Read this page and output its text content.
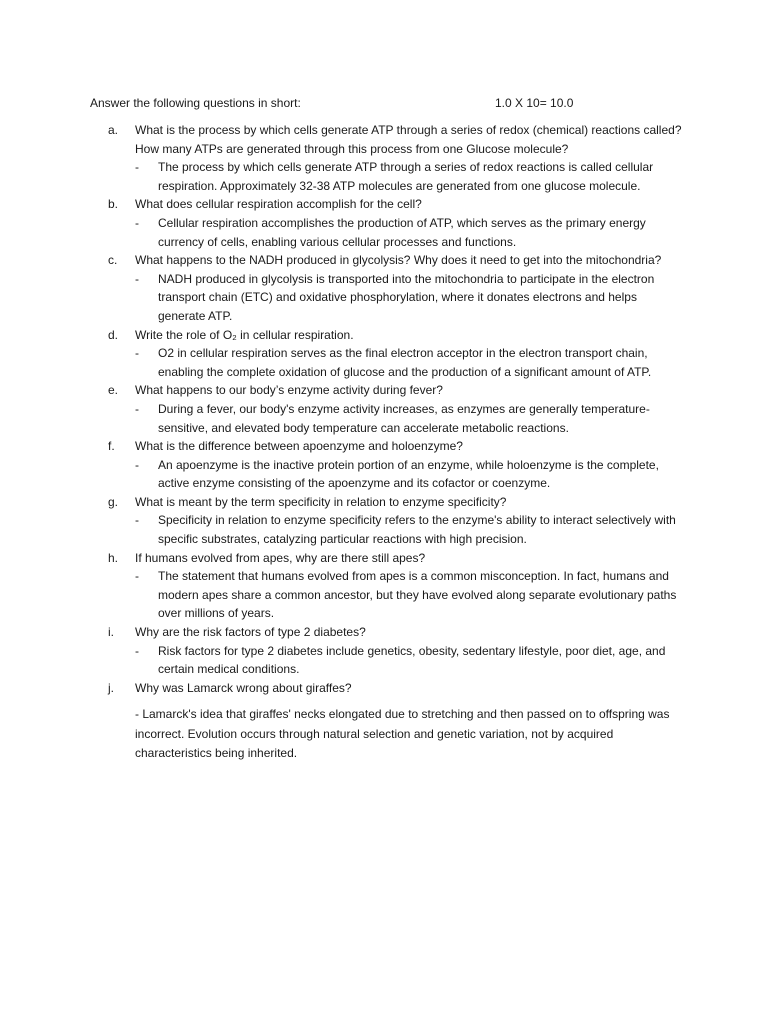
Answer the following questions in short:	1.0 X 10= 10.0
a.	What is the process by which cells generate ATP through a series of redox (chemical) reactions called? How many ATPs are generated through this process from one Glucose molecule?
- The process by which cells generate ATP through a series of redox reactions is called cellular respiration. Approximately 32-38 ATP molecules are generated from one glucose molecule.
b.	What does cellular respiration accomplish for the cell?
- Cellular respiration accomplishes the production of ATP, which serves as the primary energy currency of cells, enabling various cellular processes and functions.
c.	What happens to the NADH produced in glycolysis? Why does it need to get into the mitochondria?
- NADH produced in glycolysis is transported into the mitochondria to participate in the electron transport chain (ETC) and oxidative phosphorylation, where it donates electrons and helps generate ATP.
d.	Write the role of O₂ in cellular respiration.
- O2 in cellular respiration serves as the final electron acceptor in the electron transport chain, enabling the complete oxidation of glucose and the production of a significant amount of ATP.
e.	What happens to our body’s enzyme activity during fever?
- During a fever, our body's enzyme activity increases, as enzymes are generally temperature-sensitive, and elevated body temperature can accelerate metabolic reactions.
f.	What is the difference between apoenzyme and holoenzyme?
- An apoenzyme is the inactive protein portion of an enzyme, while holoenzyme is the complete, active enzyme consisting of the apoenzyme and its cofactor or coenzyme.
g.	What is meant by the term specificity in relation to enzyme specificity?
- Specificity in relation to enzyme specificity refers to the enzyme's ability to interact selectively with specific substrates, catalyzing particular reactions with high precision.
h.	If humans evolved from apes, why are there still apes?
- The statement that humans evolved from apes is a common misconception. In fact, humans and modern apes share a common ancestor, but they have evolved along separate evolutionary paths over millions of years.
i.	Why are the risk factors of type 2 diabetes?
- Risk factors for type 2 diabetes include genetics, obesity, sedentary lifestyle, poor diet, age, and certain medical conditions.
j.	Why was Lamarck wrong about giraffes?
- Lamarck's idea that giraffes' necks elongated due to stretching and then passed on to offspring was incorrect. Evolution occurs through natural selection and genetic variation, not by acquired characteristics being inherited.
